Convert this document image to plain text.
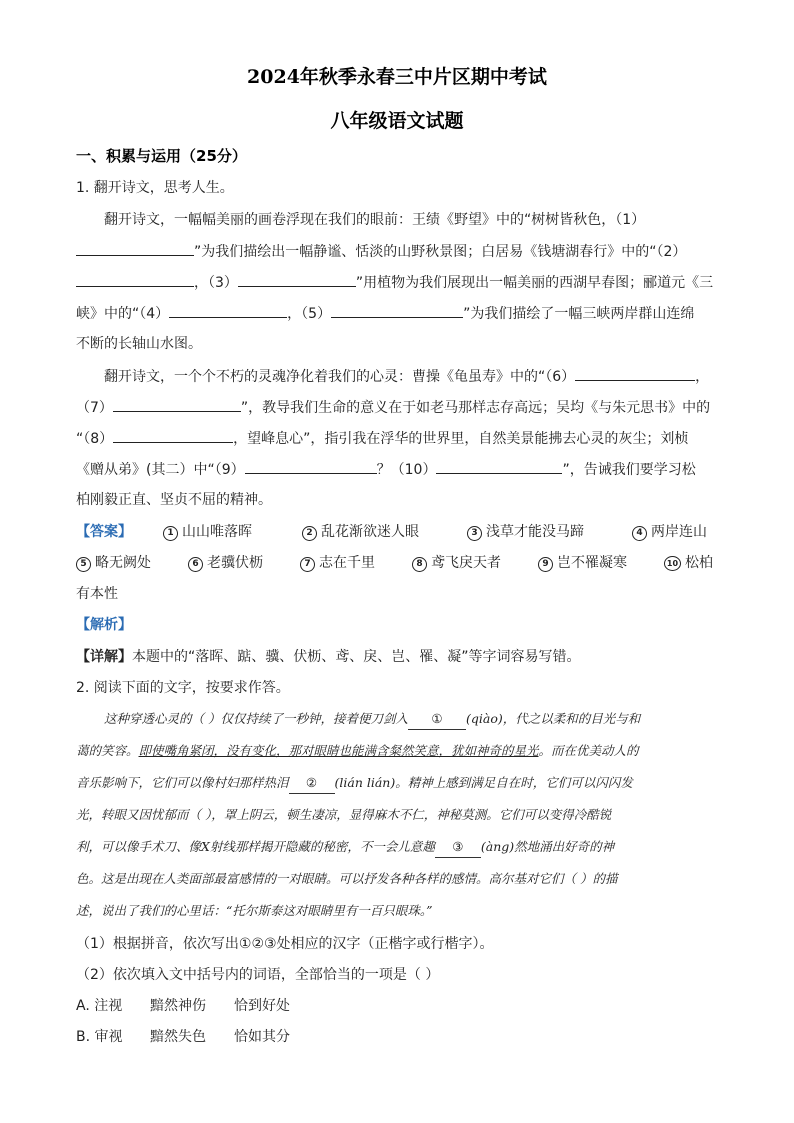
2024年秋季永春三中片区期中考试
八年级语文试题
一、积累与运用（25分）
1. 翻开诗文，思考人生。
翻开诗文，一幅幅美丽的画卷浮现在我们的眼前：王绩《野望》中的“树树皆秋色，（1）
”为我们描绘出一幅静谧、恬淡的山野秋景图；白居易《钱塘湖春行》中的“（2）
，（3）	”用植物为我们展现出一幅美丽的西湖早春图；郦道元《三
峡》中的“（4）	，（5）	”为我们描绘了一幅三峡两岸群山连绵
不断的长轴山水图。
翻开诗文，一个个不朽的灵魂净化着我们的心灵：曹操《龟虽寿》中的“（6）	，
（7）	”，教导我们生命的意义在于如老马那样志存高远；吴均《与朱元思书》中的
“（8）	，望峰息心”，指引我在浮华的世界里，自然美景能拂去心灵的灰尘；刘桢
《赠从弟》(其二）中“（9）	？（10）	”，告诫我们要学习松
柏刚毅正直、坚贞不屈的精神。
【答案】	1 山山唯落晖	2 乱花渐欲迷人眼	3 浅草才能没马蹄	4 两岸连山
5 略无阙处	6 老骥伏枥	7 志在千里	8 鸢飞戾天者	9 岂不罹凝寒	10 松柏
有本性
【解析】
【详解】本题中的“落晖、踮、骥、伏枥、鸢、戾、岂、罹、凝”等字词容易写错。
2. 阅读下面的文字，按要求作答。
这种穿透心灵的（ ）仅仅持续了一秒钟，接着便刀剑入 ① (qiào)，代之以柔和的目光与和
蔼的笑容。即使嘴角紧闭，没有变化，那对眼睛也能满含粲然笑意，犹如神奇的星光。而在优美动人的
音乐影响下，它们可以像村妇那样热泪 ② (lián lián)。精神上感到满足自在时，它们可以闪闪发
光，转眼又因忧郁而（ ），罩上阴云，顿生凄凉，显得麻木不仁，神秘莫测。它们可以变得冷酷锐
利，可以像手术刀、像X射线那样揭开隐藏的秘密，不一会儿意趣 ③ (àng)然地涌出好奇的神
色。这是出现在人类面部最富感情的一对眼睛。可以抒发各种各样的感情。高尔基对它们（ ）的描
述，说出了我们的心里话：“托尔斯泰这对眼睛里有一百只眼珠。”
（1）根据拼音，依次写出①②③处相应的汉字（正楷字或行楷字）。
（2）依次填入文中括号内的词语，全部恰当的一项是（ ）
A. 注视 黯然神伤 恰到好处
B. 审视 黯然失色 恰如其分
